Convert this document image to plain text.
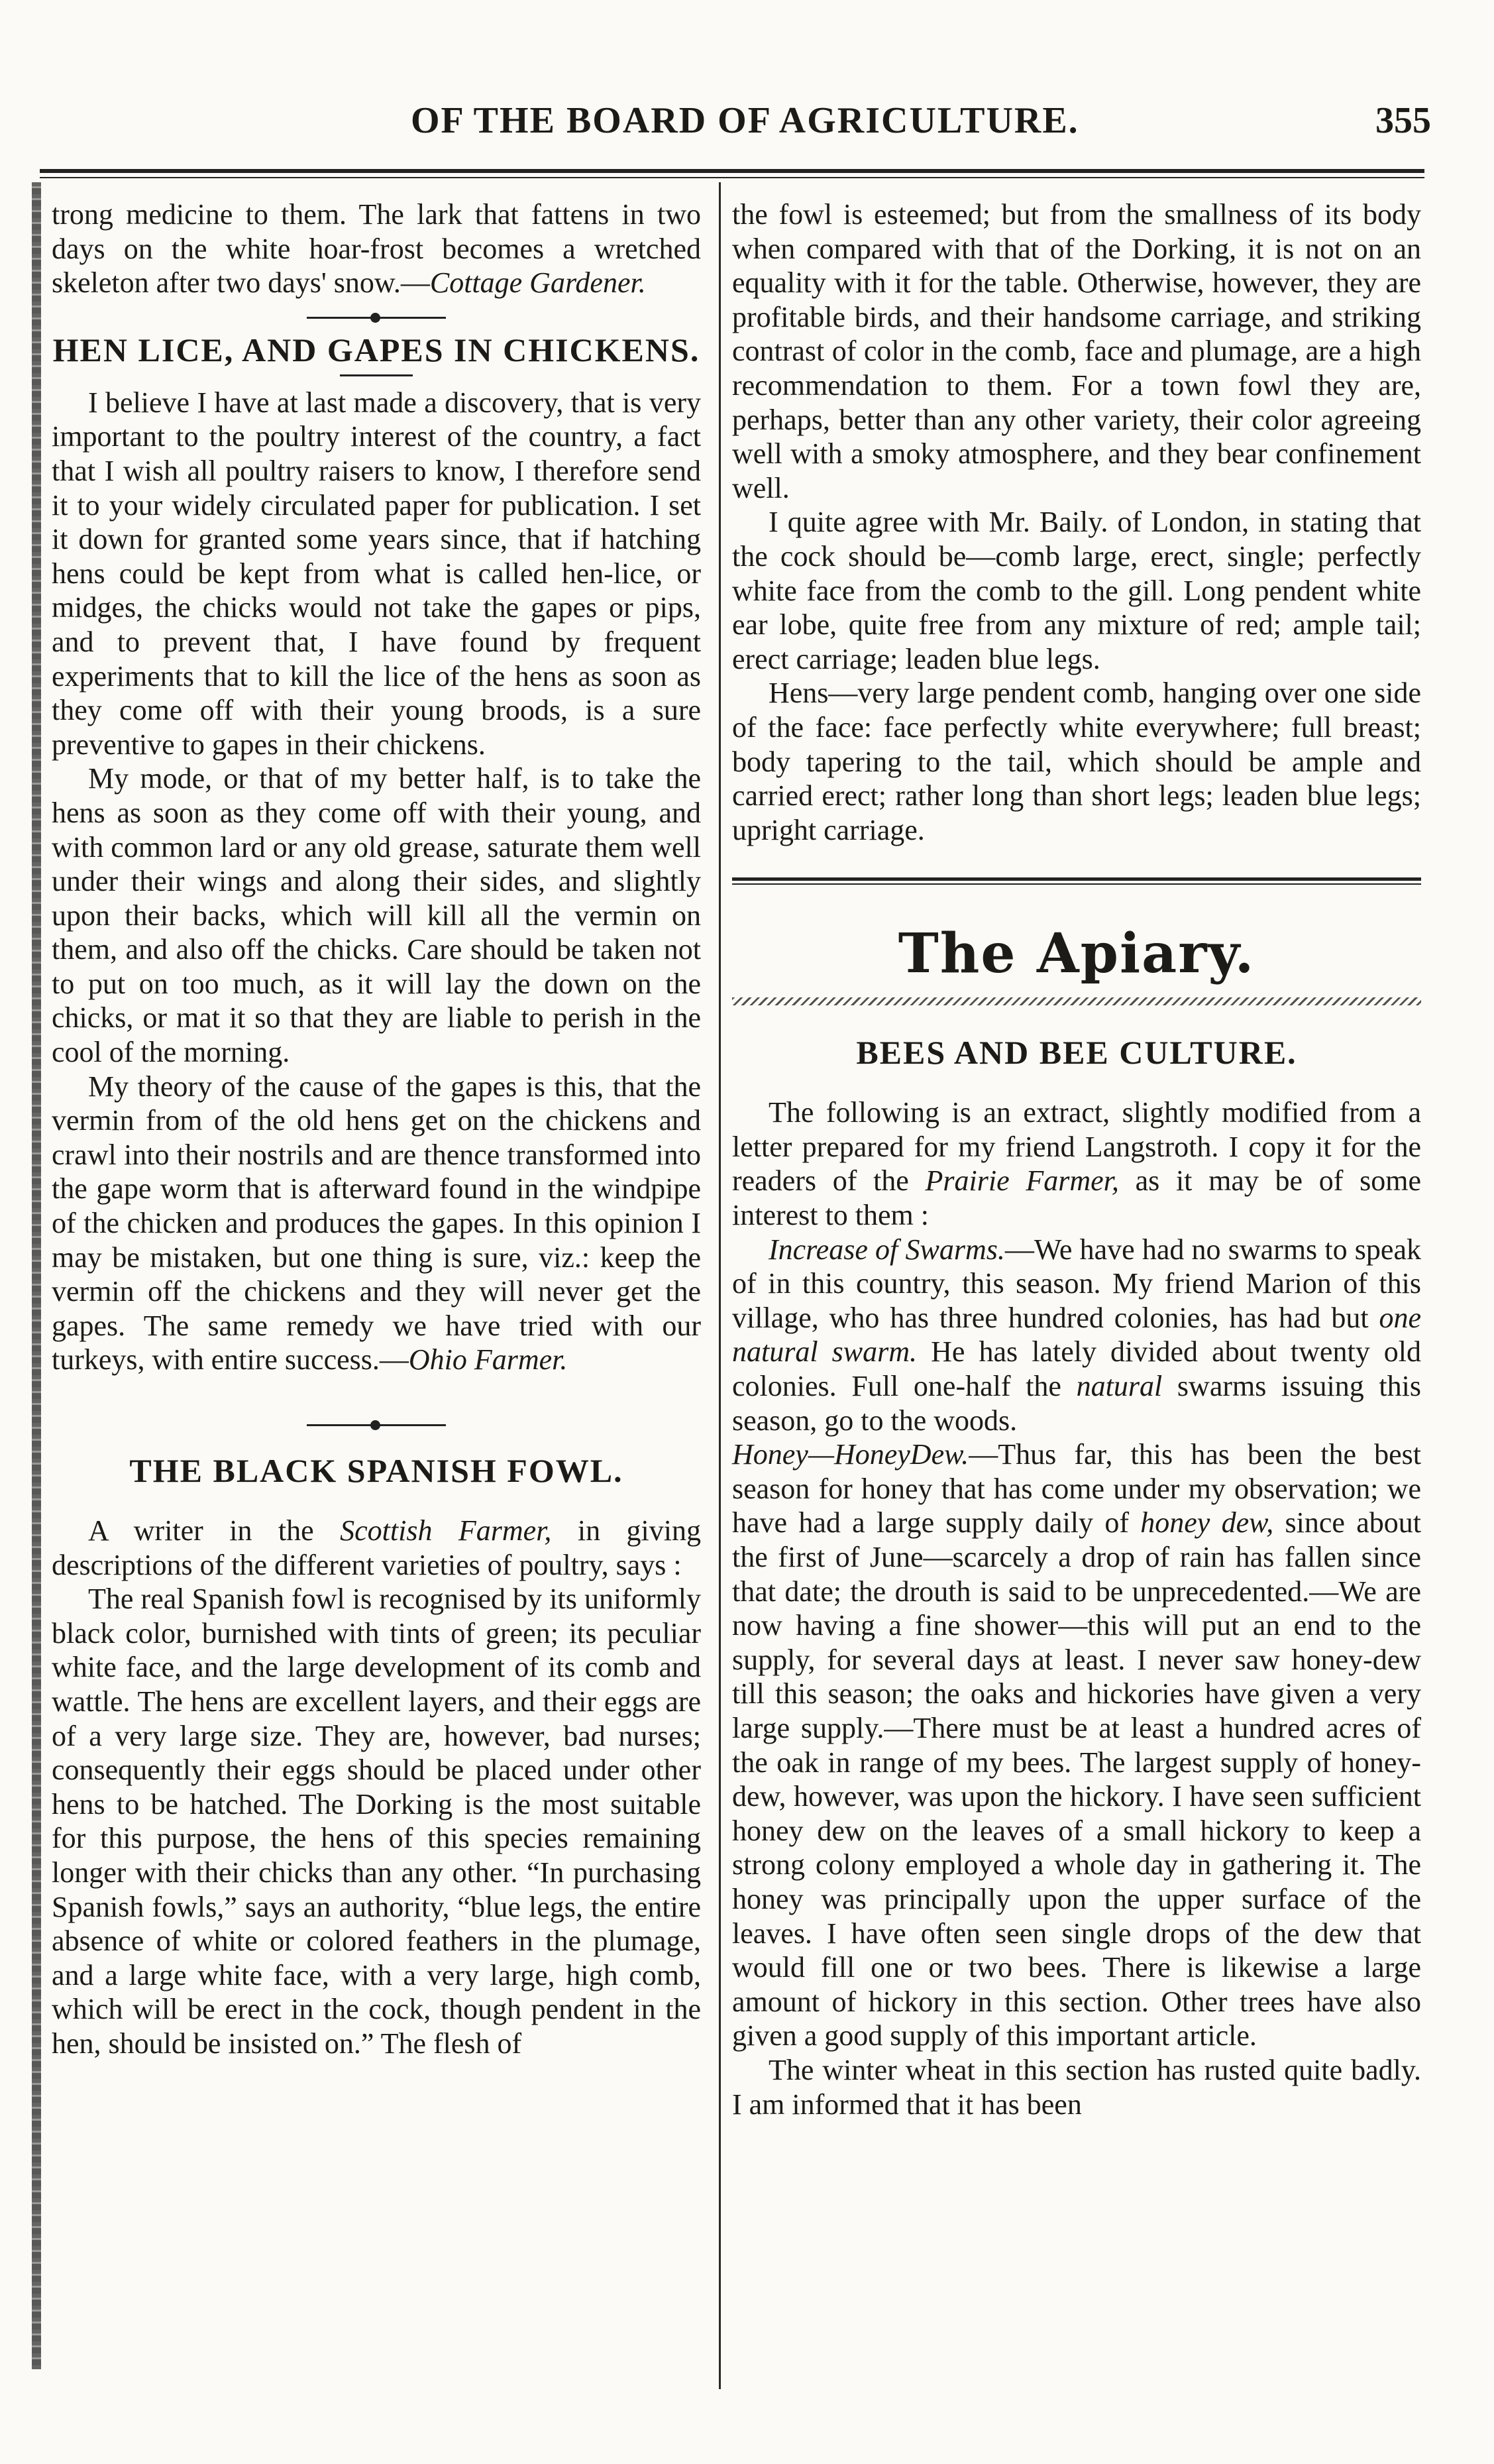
OF THE BOARD OF AGRICULTURE.	355

trong medicine to them. The lark that fattens in two days on the white hoar-frost becomes a wretched skeleton after two days' snow.—Cottage Gardener.

HEN LICE, AND GAPES IN CHICKENS.

I believe I have at last made a discovery, that is very important to the poultry interest of the country, a fact that I wish all poultry raisers to know, I therefore send it to your widely circulated paper for publication. I set it down for granted some years since, that if hatching hens could be kept from what is called hen-lice, or midges, the chicks would not take the gapes or pips, and to prevent that, I have found by frequent experiments that to kill the lice of the hens as soon as they come off with their young broods, is a sure preventive to gapes in their chickens.

My mode, or that of my better half, is to take the hens as soon as they come off with their young, and with common lard or any old grease, saturate them well under their wings and along their sides, and slightly upon their backs, which will kill all the vermin on them, and also off the chicks. Care should be taken not to put on too much, as it will lay the down on the chicks, or mat it so that they are liable to perish in the cool of the morning.

My theory of the cause of the gapes is this, that the vermin from of the old hens get on the chickens and crawl into their nostrils and are thence transformed into the gape worm that is afterward found in the windpipe of the chicken and produces the gapes. In this opinion I may be mistaken, but one thing is sure, viz.: keep the vermin off the chickens and they will never get the gapes. The same remedy we have tried with our turkeys, with entire success.—Ohio Farmer.

THE BLACK SPANISH FOWL.

A writer in the Scottish Farmer, in giving descriptions of the different varieties of poultry, says :

The real Spanish fowl is recognised by its uniformly black color, burnished with tints of green; its peculiar white face, and the large development of its comb and wattle. The hens are excellent layers, and their eggs are of a very large size. They are, however, bad nurses; consequently their eggs should be placed under other hens to be hatched. The Dorking is the most suitable for this purpose, the hens of this species remaining longer with their chicks than any other. “In purchasing Spanish fowls,” says an authority, “blue legs, the entire absence of white or colored feathers in the plumage, and a large white face, with a very large, high comb, which will be erect in the cock, though pendent in the hen, should be insisted on.” The flesh of

the fowl is esteemed; but from the smallness of its body when compared with that of the Dorking, it is not on an equality with it for the table. Otherwise, however, they are profitable birds, and their handsome carriage, and striking contrast of color in the comb, face and plumage, are a high recommendation to them. For a town fowl they are, perhaps, better than any other variety, their color agreeing well with a smoky atmosphere, and they bear confinement well.

I quite agree with Mr. Baily. of London, in stating that the cock should be—comb large, erect, single; perfectly white face from the comb to the gill. Long pendent white ear lobe, quite free from any mixture of red; ample tail; erect carriage; leaden blue legs.

Hens—very large pendent comb, hanging over one side of the face: face perfectly white everywhere; full breast; body tapering to the tail, which should be ample and carried erect; rather long than short legs; leaden blue legs; upright carriage.

The Apiary.
BEES AND BEE CULTURE.

The following is an extract, slightly modified from a letter prepared for my friend Langstroth. I copy it for the readers of the Prairie Farmer, as it may be of some interest to them :

Increase of Swarms.—We have had no swarms to speak of in this country, this season. My friend Marion of this village, who has three hundred colonies, has had but one natural swarm. He has lately divided about twenty old colonies. Full one-half the natural swarms issuing this season, go to the woods.

Honey—HoneyDew.—Thus far, this has been the best season for honey that has come under my observation; we have had a large supply daily of honey dew, since about the first of June—scarcely a drop of rain has fallen since that date; the drouth is said to be unprecedented.—We are now having a fine shower—this will put an end to the supply, for several days at least. I never saw honey-dew till this season; the oaks and hickories have given a very large supply.—There must be at least a hundred acres of the oak in range of my bees. The largest supply of honey-dew, however, was upon the hickory. I have seen sufficient honey dew on the leaves of a small hickory to keep a strong colony employed a whole day in gathering it. The honey was principally upon the upper surface of the leaves. I have often seen single drops of the dew that would fill one or two bees. There is likewise a large amount of hickory in this section. Other trees have also given a good supply of this important article.

The winter wheat in this section has rusted quite badly. I am informed that it has been
